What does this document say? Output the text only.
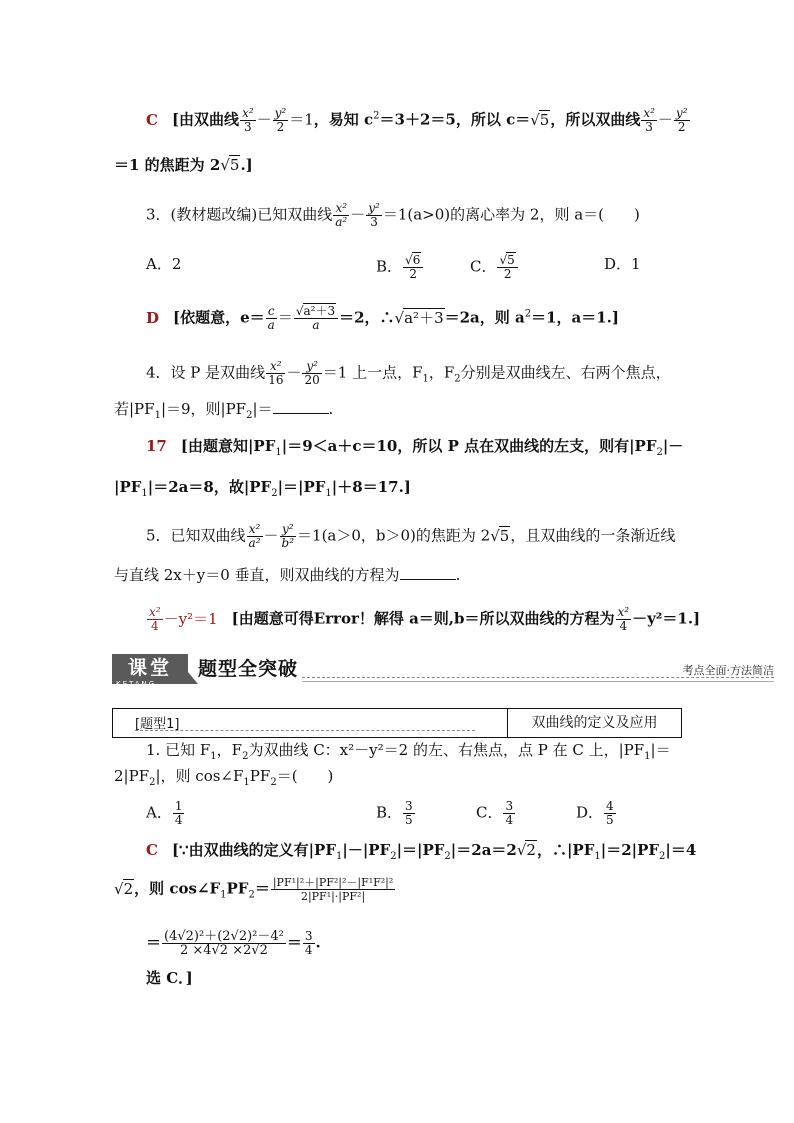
C [由双曲线 $\frac{\text{x²}}{3} - \frac{\text{y²}}{2} =1$，易知 $c^2=3+2=5$，所以 c＝√5，所以双曲线 $\frac{\text{x²}}{3} - \frac{\text{y²}}{2}$
＝1 的焦距为 2√5.]
3．(教材题改编)已知双曲线 $\frac{\text{x²}}{\text{a²}} - \frac{\text{y²}}{3} =1(a>0)$的离心率为 2，则 a＝(　　)
A．2	B． $\frac{√6}{2}$	C． $\frac{√5}{2}$	D．1
D [依题意，$e= \frac{c}{a} = \frac{\text{√a²＋3}}{a} =2$，∴√a²＋3＝2a，则 $a^2=1$，a＝1.]
4．设 P 是双曲线 $\frac{\text{x²}}{16} - \frac{\text{y²}}{20} =1$ 上一点，$F_1$，$F_2$分别是双曲线左、右两个焦点，
若$|PF_1|=9$，则$|PF_2|=$	.
17 [由题意知$|PF_1|=9<a+c=10$，所以 P 点在双曲线的左支，则有$|PF_2|-$
$|PF_1|=2a=8$，故$|PF_2|=|PF_1|+8=17$.]
5．已知双曲线 $\frac{\text{x²}}{\text{a²}} - \frac{\text{y²}}{\text{b²}} =1(a>0$，b＞0)的焦距为 2√5，且双曲线的一条渐近线
与直线 2x＋y＝0 垂直，则双曲线的方程为	.
$\frac{\text{x²}}{4} -y^2=1$ [由题意可得Error！解得 a＝则,b＝所以双曲线的方程为 $\frac{\text{x²}}{4} -y^2=1$.]
课堂
KETANG
题型全突破	考点全面·方法简洁
[题型1]	双曲线的定义及应用
1. 已知 $F_1$，$F_2$为双曲线 C：x²－y²＝2 的左、右焦点，点 P 在 C 上，$|PF_1|=$
$2|PF_2|$，则 $\cos\angle F_1PF_2=$(　　)
A． $\frac{1}{4}$	B． $\frac{3}{5}$	C． $\frac{3}{4}$	D． $\frac{4}{5}$
C [∵由双曲线的定义有$|PF_1|-|PF_2|=|PF_2|=2a=2√2$，$\therefore|PF_1|=2|PF_2|=4$
√2，则 $\cos\angle F_1PF_2= \frac{\text{|PF¹|²＋|PF²|²－|F¹F²|²}}{\text{2|PF¹|·|PF²|}}$
＝ $\frac{\text{(4√2)²＋(2√2)²－4²}}{2 \times 4√2 \times 2√2} = \frac{3}{4}$ .
选 C．]
